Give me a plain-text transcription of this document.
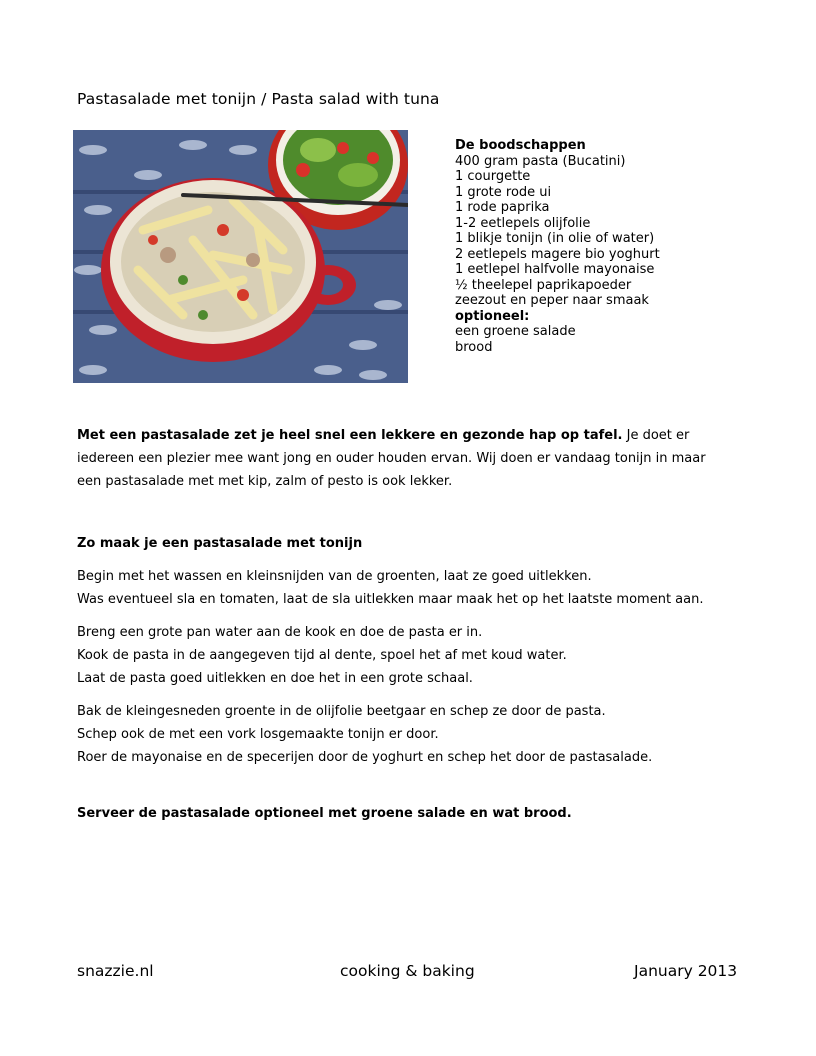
Pastasalade met tonijn / Pasta salad with tuna
De boodschappen
400 gram pasta (Bucatini)
1 courgette
1 grote rode ui
1 rode paprika
1-2 eetlepels olijfolie
1 blikje tonijn (in olie of water)
2 eetlepels magere bio yoghurt
1 eetlepel halfvolle mayonaise
½ theelepel paprikapoeder
zeezout en peper naar smaak
optioneel:
een groene salade
brood
Met een pastasalade zet je heel snel een lekkere en gezonde hap op tafel. Je doet er
iedereen een plezier mee want jong en ouder houden ervan. Wij doen er vandaag tonijn in maar
een pastasalade met met kip, zalm of pesto is ook lekker.
Zo maak je een pastasalade met tonijn
Begin met het wassen en kleinsnijden van de groenten, laat ze goed uitlekken.
Was eventueel sla en tomaten, laat de sla uitlekken maar maak het op het laatste moment aan.
Breng een grote pan water aan de kook en doe de pasta er in.
Kook de pasta in de aangegeven tijd al dente, spoel het af met koud water.
Laat de pasta goed uitlekken en doe het in een grote schaal.
Bak de kleingesneden groente in de olijfolie beetgaar en schep ze door de pasta.
Schep ook de met een vork losgemaakte tonijn er door.
Roer de mayonaise en de specerijen door de yoghurt en schep het door de pastasalade.
Serveer de pastasalade optioneel met groene salade en wat brood.
snazzie.nl	cooking & baking	January 2013
